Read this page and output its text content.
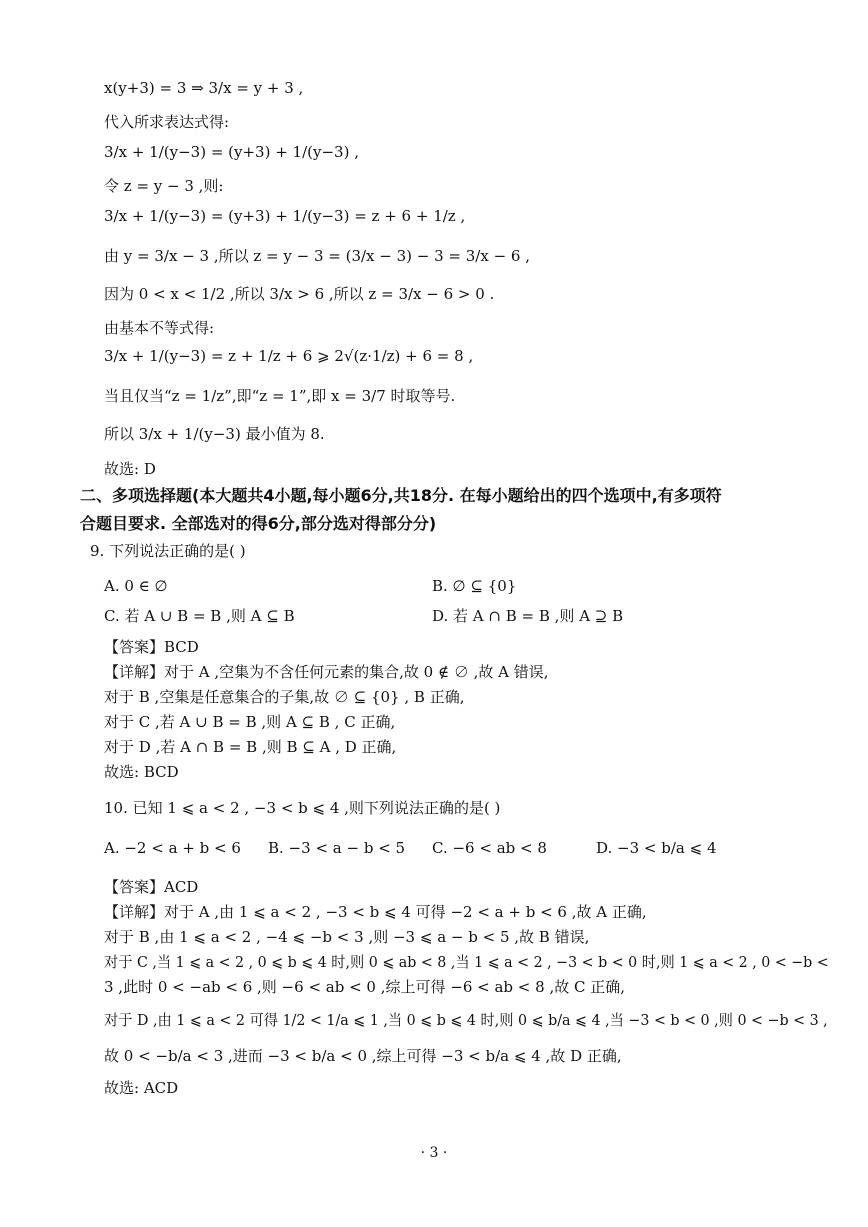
x(y+3) = 3 ⇒ 3/x = y + 3 ,
代入所求表达式得:
3/x + 1/(y−3) = (y+3) + 1/(y−3) ,
令 z = y − 3 ,则:
3/x + 1/(y−3) = (y+3) + 1/(y−3) = z + 6 + 1/z ,
由 y = 3/x − 3 ,所以 z = y − 3 = (3/x − 3) − 3 = 3/x − 6 ,
因为 0 < x < 1/2 ,所以 3/x > 6 ,所以 z = 3/x − 6 > 0 .
由基本不等式得:
3/x + 1/(y−3) = z + 1/z + 6 ⩾ 2√(z·1/z) + 6 = 8 ,
当且仅当“z = 1/z”,即“z = 1”,即 x = 3/7 时取等号.
所以 3/x + 1/(y−3) 最小值为 8.
故选: D
二、多项选择题(本大题共4小题,每小题6分,共18分. 在每小题给出的四个选项中,有多项符
合题目要求. 全部选对的得6分,部分选对得部分分)
9. 下列说法正确的是( )
A. 0 ∈ ∅	B. ∅ ⊆ {0}
C. 若 A ∪ B = B ,则 A ⊆ B	D. 若 A ∩ B = B ,则 A ⊇ B
【答案】BCD
【详解】对于 A ,空集为不含任何元素的集合,故 0 ∉ ∅ ,故 A 错误,
对于 B ,空集是任意集合的子集,故 ∅ ⊆ {0} , B 正确,
对于 C ,若 A ∪ B = B ,则 A ⊆ B , C 正确,
对于 D ,若 A ∩ B = B ,则 B ⊆ A , D 正确,
故选: BCD
10. 已知 1 ⩽ a < 2 , −3 < b ⩽ 4 ,则下列说法正确的是( )
A. −2 < a + b < 6 B. −3 < a − b < 5 C. −6 < ab < 8	D. −3 < b/a ⩽ 4
【答案】ACD
【详解】对于 A ,由 1 ⩽ a < 2 , −3 < b ⩽ 4 可得 −2 < a + b < 6 ,故 A 正确,
对于 B ,由 1 ⩽ a < 2 , −4 ⩽ −b < 3 ,则 −3 ⩽ a − b < 5 ,故 B 错误,
对于 C ,当 1 ⩽ a < 2 , 0 ⩽ b ⩽ 4 时,则 0 ⩽ ab < 8 ,当 1 ⩽ a < 2 , −3 < b < 0 时,则 1 ⩽ a < 2 , 0 < −b <
3 ,此时 0 < −ab < 6 ,则 −6 < ab < 0 ,综上可得 −6 < ab < 8 ,故 C 正确,
对于 D ,由 1 ⩽ a < 2 可得 1/2 < 1/a ⩽ 1 ,当 0 ⩽ b ⩽ 4 时,则 0 ⩽ b/a ⩽ 4 ,当 −3 < b < 0 ,则 0 < −b < 3 ,
故 0 < −b/a < 3 ,进而 −3 < b/a < 0 ,综上可得 −3 < b/a ⩽ 4 ,故 D 正确,
故选: ACD
· 3 ·
